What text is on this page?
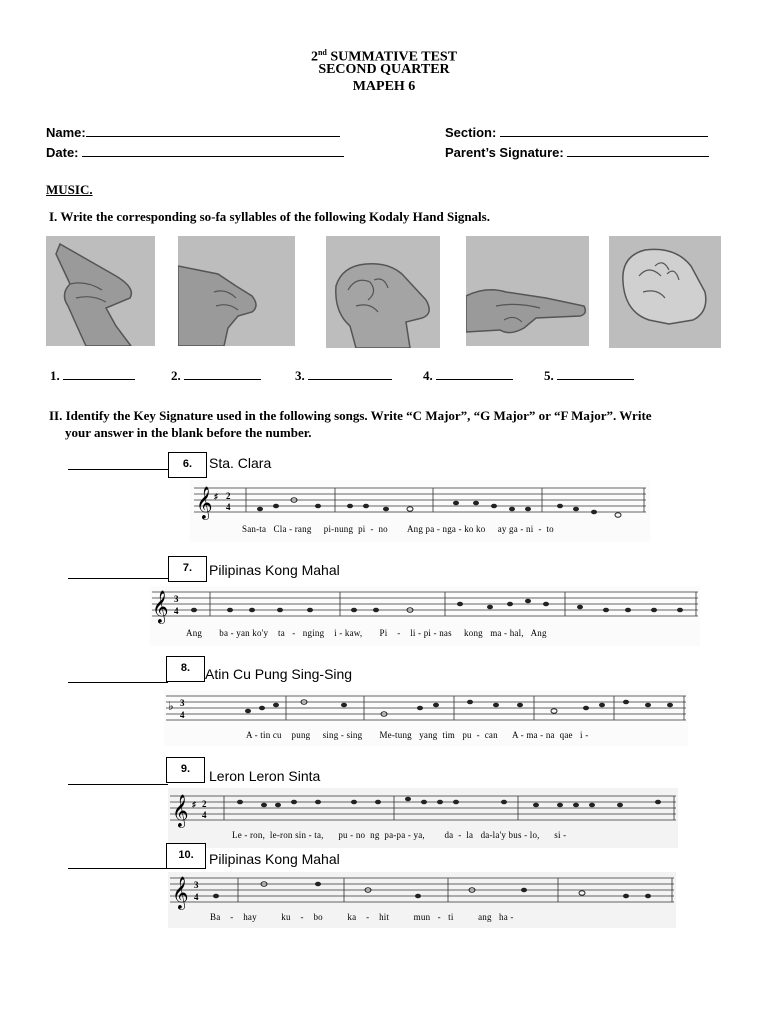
2nd SUMMATIVE TEST
SECOND QUARTER
MAPEH 6
Name:	Section:
Date:	Parent’s Signature:
MUSIC.
I. Write the corresponding so-fa syllables of the following Kodaly Hand Signals.
1.	2.	3.	4.	5.
II. Identify the Key Signature used in the following songs. Write “C Major”, “G Major” or “F Major”. Write
your answer in the blank before the number.
6.	Sta. Clara
𝄞 ♯ 2
4
San-ta   Cla - rang     pi-nung  pi  -  no        Ang pa - nga - ko ko     ay ga - ni  -  to
7.	Pilipinas Kong Mahal
𝄞 3
4
Ang       ba - yan ko'y    ta   -   nging    i - kaw,       Pi    -    li - pi - nas     kong   ma - hal,   Ang
8.	Atin Cu Pung Sing-Sing
♭ 3
4
A - tin cu    pung     sing - sing       Me-tung   yang  tim   pu  -  can      A - ma - na  qae   i -
9.	Leron Leron Sinta
𝄞 ♯ 2
4
Le - ron,  le-ron sin - ta,      pu - no  ng  pa-pa - ya,        da  -  la   da-la'y bus - lo,      si -
10.	Pilipinas Kong Mahal
𝄞 3
4
Ba    -    hay          ku    -    bo          ka    -    hit          mun   -   ti          ang   ha -
